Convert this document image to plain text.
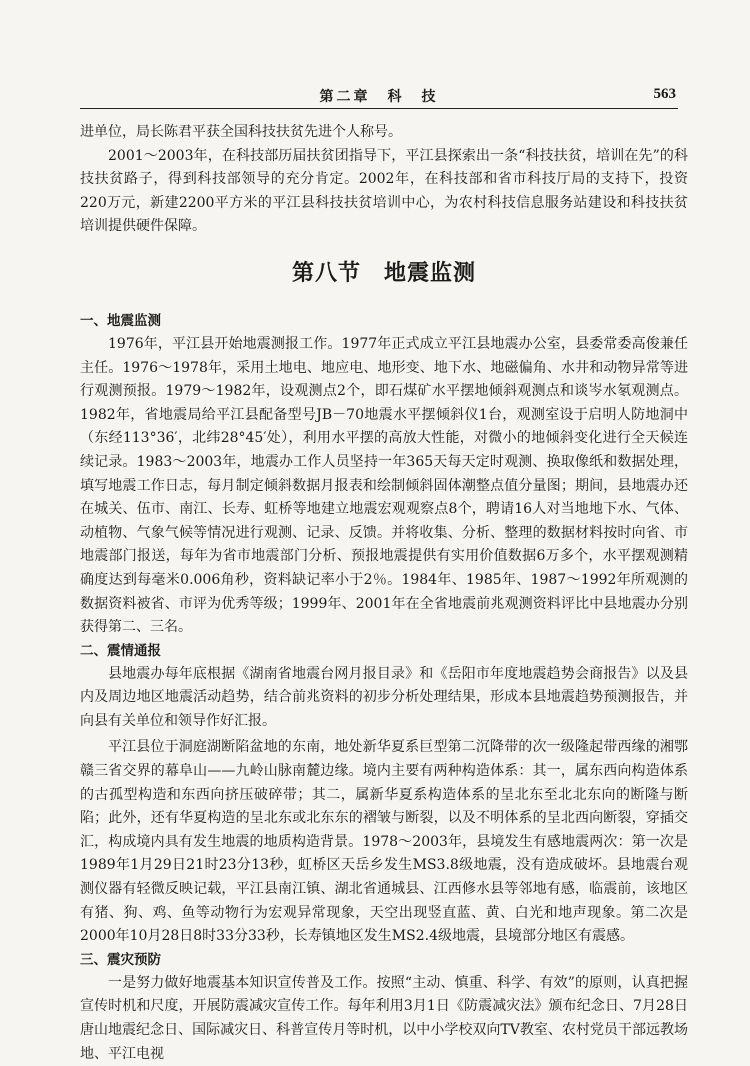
第二章　科　技	563

进单位，局长陈君平获全国科技扶贫先进个人称号。

2001～2003年，在科技部历届扶贫团指导下，平江县探索出一条“科技扶贫，培训在先”的科技扶贫路子，得到科技部领导的充分肯定。2002年，在科技部和省市科技厅局的支持下，投资220万元，新建2200平方米的平江县科技扶贫培训中心，为农村科技信息服务站建设和科技扶贫培训提供硬件保障。

第八节　地震监测
一、地震监测

1976年，平江县开始地震测报工作。1977年正式成立平江县地震办公室，县委常委高俊兼任主任。1976～1978年，采用土地电、地应电、地形变、地下水、地磁偏角、水井和动物异常等进行观测预报。1979～1982年，设观测点2个，即石煤矿水平摆地倾斜观测点和谈岑水氡观测点。1982年，省地震局给平江县配备型号JB－70地震水平摆倾斜仪1台，观测室设于启明人防地洞中（东经113°36′，北纬28°45′处），利用水平摆的高放大性能，对微小的地倾斜变化进行全天候连续记录。1983～2003年，地震办工作人员坚持一年365天每天定时观测、换取像纸和数据处理，填写地震工作日志，每月制定倾斜数据月报表和绘制倾斜固体潮整点值分量图；期间，县地震办还在城关、伍市、南江、长寿、虹桥等地建立地震宏观观察点8个，聘请16人对当地地下水、气体、动植物、气象气候等情况进行观测、记录、反馈。并将收集、分析、整理的数据材料按时向省、市地震部门报送，每年为省市地震部门分析、预报地震提供有实用价值数据6万多个，水平摆观测精确度达到每毫米0.006角秒，资料缺记率小于2％。1984年、1985年、1987～1992年所观测的数据资料被省、市评为优秀等级；1999年、2001年在全省地震前兆观测资料评比中县地震办分别获得第二、三名。

二、震情通报

县地震办每年底根据《湖南省地震台网月报目录》和《岳阳市年度地震趋势会商报告》以及县内及周边地区地震活动趋势，结合前兆资料的初步分析处理结果，形成本县地震趋势预测报告，并向县有关单位和领导作好汇报。

平江县位于洞庭湖断陷盆地的东南，地处新华夏系巨型第二沉降带的次一级隆起带西缘的湘鄂赣三省交界的幕阜山——九岭山脉南麓边缘。境内主要有两种构造体系：其一，属东西向构造体系的古孤型构造和东西向挤压破碎带；其二，属新华夏系构造体系的呈北东至北北东向的断隆与断陷；此外，还有华夏构造的呈北东或北东东的褶皱与断裂，以及不明体系的呈北西向断裂，穿插交汇，构成境内具有发生地震的地质构造背景。1978～2003年，县境发生有感地震两次：第一次是1989年1月29日21时23分13秒，虹桥区天岳乡发生MS3.8级地震，没有造成破坏。县地震台观测仪器有轻微反映记载，平江县南江镇、湖北省通城县、江西修水县等邻地有感，临震前，该地区有猪、狗、鸡、鱼等动物行为宏观异常现象，天空出现竖直蓝、黄、白光和地声现象。第二次是2000年10月28日8时33分33秒，长寿镇地区发生MS2.4级地震，县境部分地区有震感。

三、震灾预防

一是努力做好地震基本知识宣传普及工作。按照“主动、慎重、科学、有效”的原则，认真把握宣传时机和尺度，开展防震减灾宣传工作。每年利用3月1日《防震减灾法》颁布纪念日、7月28日唐山地震纪念日、国际减灾日、科普宣传月等时机，以中小学校双向TV教室、农村党员干部远教场地、平江电视
